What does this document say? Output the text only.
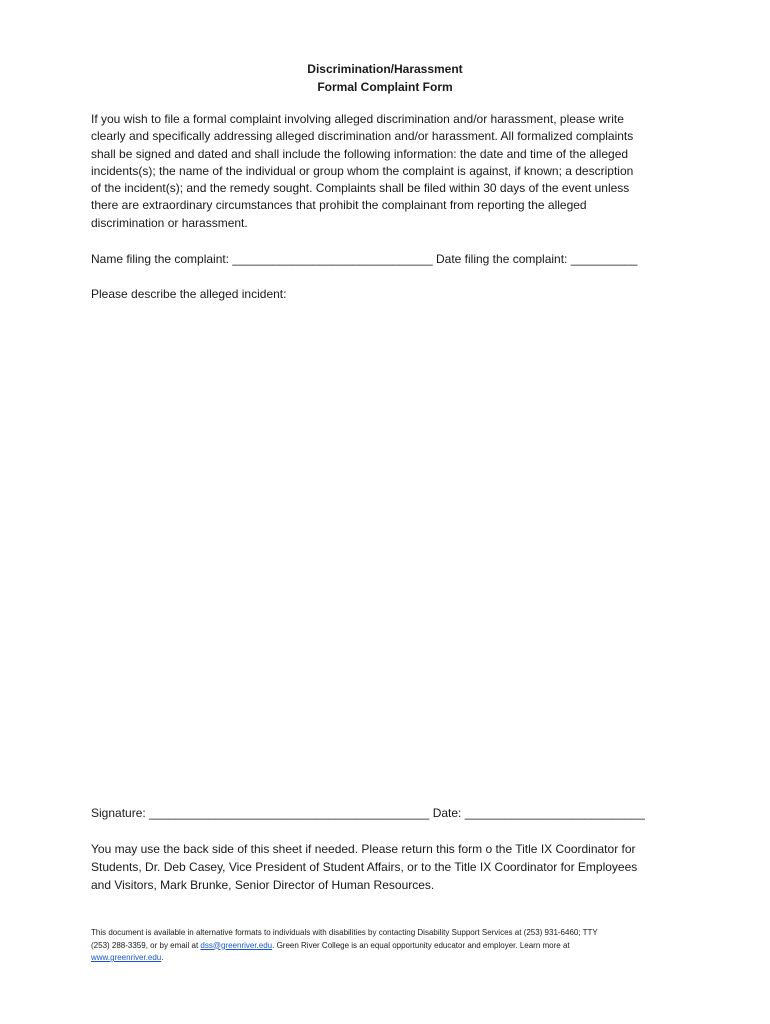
Discrimination/Harassment
Formal Complaint Form
If you wish to file a formal complaint involving alleged discrimination and/or harassment, please write
clearly and specifically addressing alleged discrimination and/or harassment. All formalized complaints
shall be signed and dated and shall include the following information: the date and time of the alleged
incidents(s); the name of the individual or group whom the complaint is against, if known; a description
of the incident(s); and the remedy sought. Complaints shall be filed within 30 days of the event unless
there are extraordinary circumstances that prohibit the complainant from reporting the alleged
discrimination or harassment.
Name filing the complaint: ______________________________ Date filing the complaint: __________
Please describe the alleged incident:
Signature: __________________________________________ Date: ___________________________
You may use the back side of this sheet if needed. Please return this form o the Title IX Coordinator for
Students, Dr. Deb Casey, Vice President of Student Affairs, or to the Title IX Coordinator for Employees
and Visitors, Mark Brunke, Senior Director of Human Resources.
This document is available in alternative formats to individuals with disabilities by contacting Disability Support Services at (253) 931-6460; TTY
(253) 288-3359, or by email at dss@greenriver.edu. Green River College is an equal opportunity educator and employer. Learn more at
www.greenriver.edu.
